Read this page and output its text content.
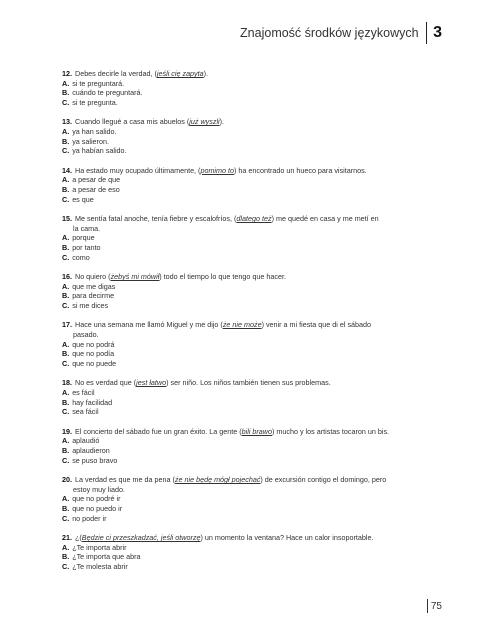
Znajomość środków językowych 3
12. Debes decirle la verdad, (jeśli cię zapyta).
A. si te preguntará.
B. cuándo te preguntará.
C. si te pregunta.
13. Cuando llegué a casa mis abuelos (już wyszli).
A. ya han salido.
B. ya salieron.
C. ya habían salido.
14. Ha estado muy ocupado últimamente, (pomimo to) ha encontrado un hueco para visitarnos.
A. a pesar de que
B. a pesar de eso
C. es que
15. Me sentía fatal anoche, tenía fiebre y escalofríos, (dlatego też) me quedé en casa y me metí en
la cama.
A. porque
B. por tanto
C. como
16. No quiero (żebyś mi mówił) todo el tiempo lo que tengo que hacer.
A. que me digas
B. para decirme
C. si me dices
17. Hace una semana me llamó Miguel y me dijo (że nie może) venir a mi fiesta que di el sábado
pasado.
A. que no podrá
B. que no podía
C. que no puede
18. No es verdad que (jest łatwo) ser niño. Los niños también tienen sus problemas.
A. es fácil
B. hay facilidad
C. sea fácil
19. El concierto del sábado fue un gran éxito. La gente (bili brawo) mucho y los artistas tocaron un bis.
A. aplaudió
B. aplaudieron
C. se puso bravo
20. La verdad es que me da pena (że nie będę mógł pojechać) de excursión contigo el domingo, pero
estoy muy liado.
A. que no podré ir
B. que no puedo ir
C. no poder ir
21. ¿(Będzie ci przeszkadzać, jeśli otworzę) un momento la ventana? Hace un calor insoportable.
A. ¿Te importa abrir
B. ¿Te importa que abra
C. ¿Te molesta abrir
75
